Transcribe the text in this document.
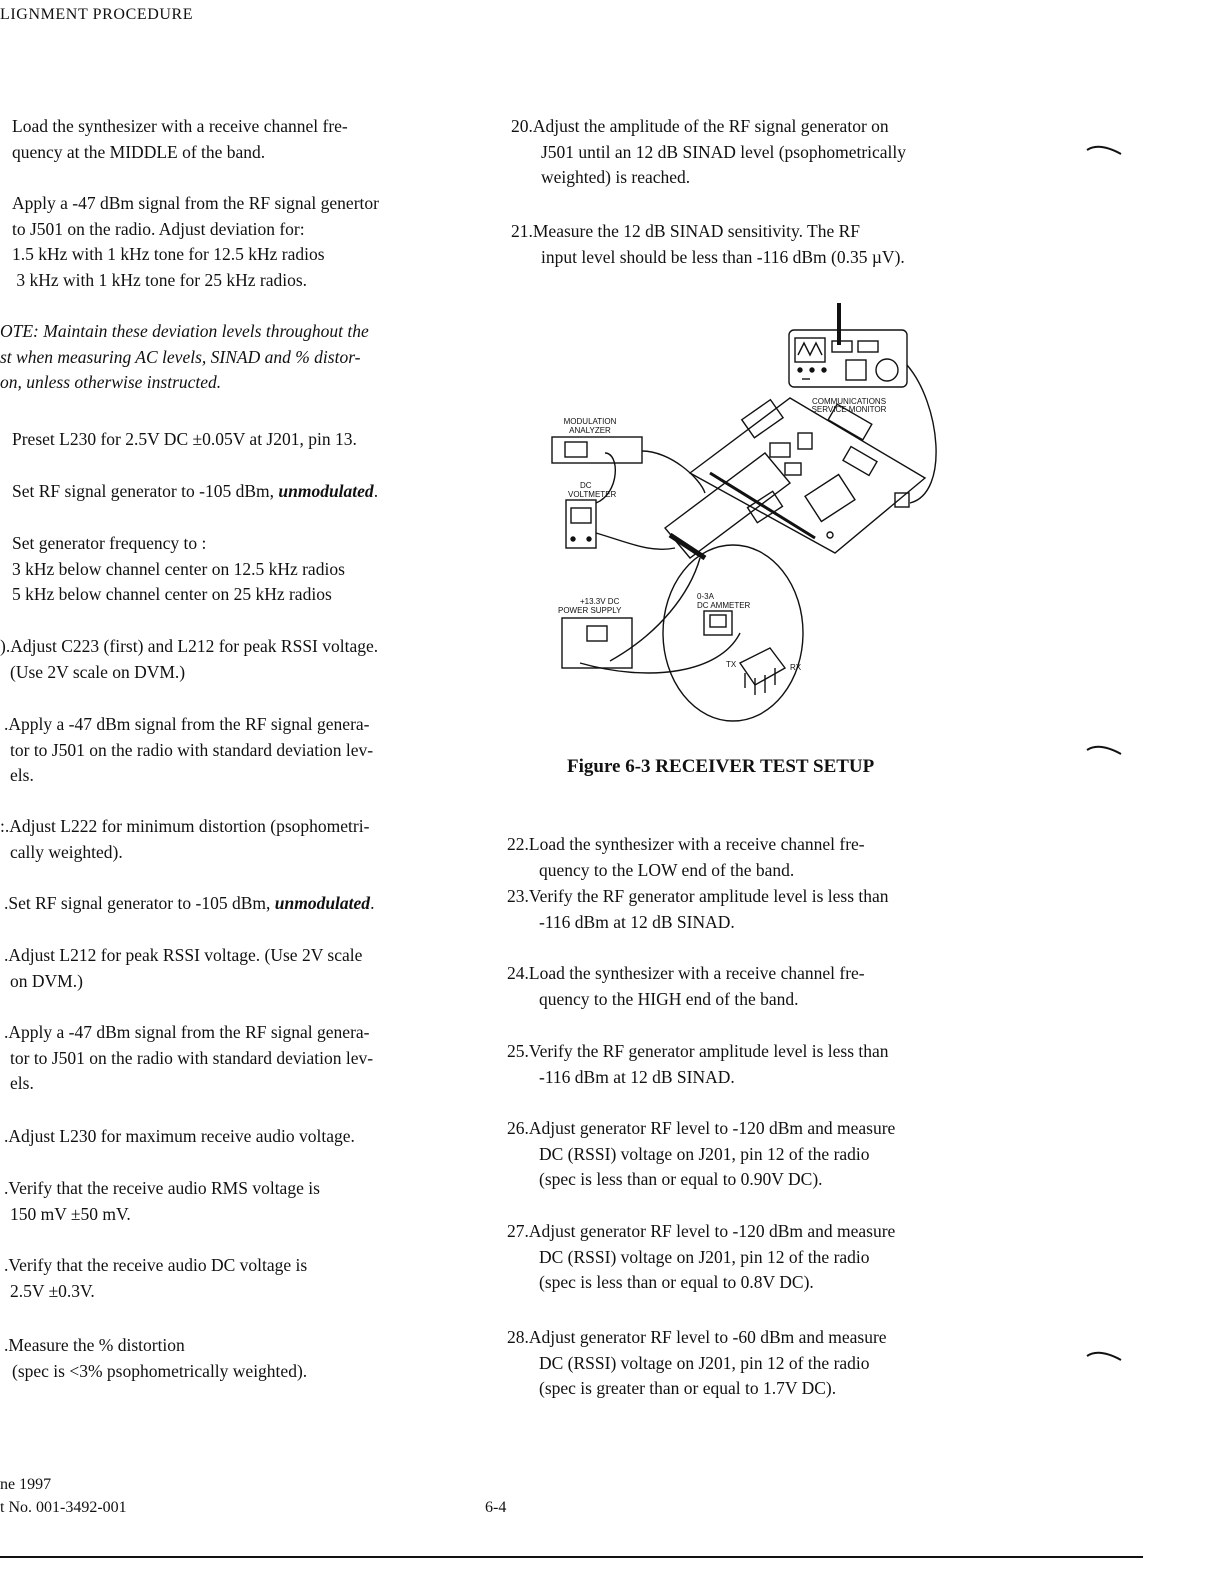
LIGNMENT PROCEDURE
Load the synthesizer with a receive channel fre-
quency at the MIDDLE of the band.
Apply a -47 dBm signal from the RF signal genertor
to J501 on the radio. Adjust deviation for:
1.5 kHz with 1 kHz tone for 12.5 kHz radios
3 kHz with 1 kHz tone for 25 kHz radios.
OTE: Maintain these deviation levels throughout the
st when measuring AC levels, SINAD and % distor-
on, unless otherwise instructed.
Preset L230 for 2.5V DC ±0.05V at J201, pin 13.
Set RF signal generator to -105 dBm, unmodulated.
Set generator frequency to :
3 kHz below channel center on 12.5 kHz radios
5 kHz below channel center on 25 kHz radios
).Adjust C223 (first) and L212 for peak RSSI voltage.
(Use 2V scale on DVM.)
.Apply a -47 dBm signal from the RF signal genera-
tor to J501 on the radio with standard deviation lev-
els.
:.Adjust L222 for minimum distortion (psophometri-
cally weighted).
.Set RF signal generator to -105 dBm, unmodulated.
.Adjust L212 for peak RSSI voltage. (Use 2V scale
on DVM.)
.Apply a -47 dBm signal from the RF signal genera-
tor to J501 on the radio with standard deviation lev-
els.
.Adjust L230 for maximum receive audio voltage.
.Verify that the receive audio RMS voltage is
150 mV ±50 mV.
.Verify that the receive audio DC voltage is
2.5V ±0.3V.
.Measure the % distortion
(spec is <3% psophometrically weighted).
20.Adjust the amplitude of the RF signal generator on
J501 until an 12 dB SINAD level (psophometrically
weighted) is reached.
21.Measure the 12 dB SINAD sensitivity. The RF
input level should be less than -116 dBm (0.35 µV).
COMMUNICATIONS
SERVICE MONITOR
MODULATION
ANALYZER
DC
VOLTMETER
+13.3V DC
POWER SUPPLY
0-3A
DC AMMETER
TX	RX
Figure 6-3 RECEIVER TEST SETUP
22.Load the synthesizer with a receive channel fre-
quency to the LOW end of the band.
23.Verify the RF generator amplitude level is less than
-116 dBm at 12 dB SINAD.
24.Load the synthesizer with a receive channel fre-
quency to the HIGH end of the band.
25.Verify the RF generator amplitude level is less than
-116 dBm at 12 dB SINAD.
26.Adjust generator RF level to -120 dBm and measure
DC (RSSI) voltage on J201, pin 12 of the radio
(spec is less than or equal to 0.90V DC).
27.Adjust generator RF level to -120 dBm and measure
DC (RSSI) voltage on J201, pin 12 of the radio
(spec is less than or equal to 0.8V DC).
28.Adjust generator RF level to -60 dBm and measure
DC (RSSI) voltage on J201, pin 12 of the radio
(spec is greater than or equal to 1.7V DC).
ne 1997
t No. 001-3492-001	6-4
